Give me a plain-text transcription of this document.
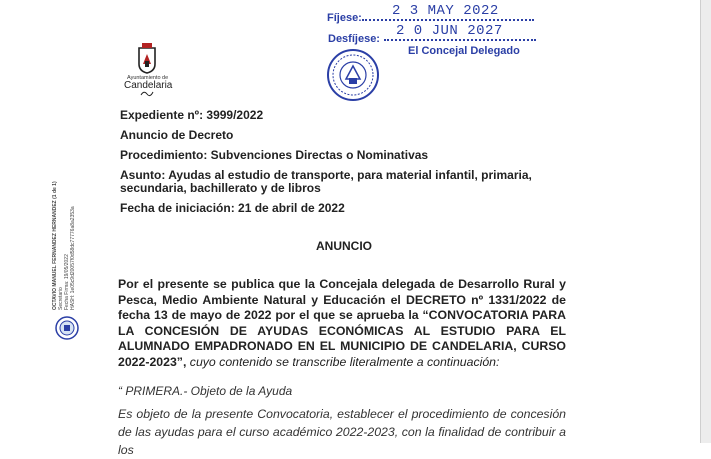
Fíjese: 2 3 MAY 2022
Desfíjese: 2 0 JUN 2027
El Concejal Delegado
Ayuntamiento de
Candelaria
OCTAVIO MANUEL FERNANDEZ HERNANDEZ (1 de 1) Secretario Fecha Firma: 19/05/2022 HASH: 1e05c9d20057f0d58dc77776a8a2353a
Expediente nº: 3999/2022
Anuncio de Decreto
Procedimiento: Subvenciones Directas o Nominativas
Asunto: Ayudas al estudio de transporte, para material infantil, primaria,
secundaria, bachillerato y de libros
Fecha de iniciación: 21 de abril de 2022
ANUNCIO
Por el presente se publica que la Concejala delegada de Desarrollo Rural y Pesca, Medio Ambiente Natural y Educación el DECRETO nº 1331/2022 de fecha 13 de mayo de 2022 por el que se aprueba la “CONVOCATORIA PARA LA CONCESIÓN DE AYUDAS ECONÓMICAS AL ESTUDIO PARA EL ALUMNADO EMPADRONADO EN EL MUNICIPIO DE CANDELARIA, CURSO 2022-2023”, cuyo contenido se transcribe literalmente a continuación:
“ PRIMERA.- Objeto de la Ayuda
Es objeto de la presente Convocatoria, establecer el procedimiento de concesión de las ayudas para el curso académico 2022-2023, con la finalidad de contribuir a los
